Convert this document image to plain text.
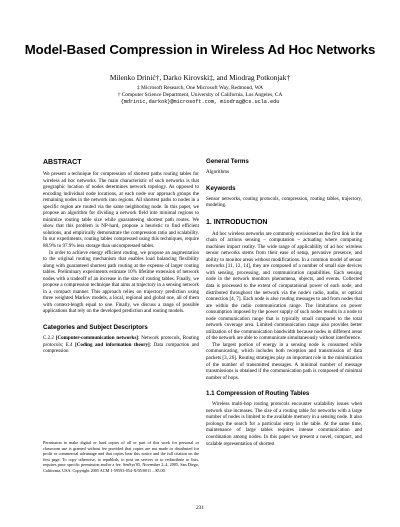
Model-Based Compression in Wireless Ad Hoc Networks
Milenko Drinić†, Darko Kirovski‡, and Miodrag Potkonjak†
‡ Microsoft Research, One Microsoft Way, Redmond, WA
† Computer Science Department, University of California, Los Angeles, CA
{mdrinic,darkok}@microsoft.com, miodrag@cs.ucla.edu
ABSTRACT

We present a technique for compression of shortest paths routing tables for wireless ad hoc networks. The main characteristic of such networks is that geographic location of nodes determines network topology. As opposed to encoding individual node locations, at each node our approach groups the remaining nodes in the network into regions. All shortest paths to nodes in a specific region are routed via the same neighboring node. In this paper, we propose an algorithm for dividing a network field into minimal regions to minimize routing table size while guaranteeing shortest path routes. We show that this problem is NP-hard, propose a heuristic to find efficient solutions, and empirically demonstrate the compression ratio and scalability. In our experiments, routing tables compressed using this techniques, require 88.9% to 97.9% less storage than uncompressed tables.

In order to achieve energy efficient routing, we propose an augmentation to the original routing mechanism that enables load balancing flexibility along with guaranteed shortest path routing at the expense of larger routing tables. Preliminary experiments estimate 10% lifetime extension of network nodes with a tradeoff of an increase in the size of routing tables. Finally, we propose a compression technique that aims at trajectory in a sensing network in a compact manner. This approach relies on trajectory prediction using three weighted Markov models, a local, regional and global one, all of them with context-length equal to one. Finally, we discuss a range of possible applications that rely on the developed prediction and routing models.

Categories and Subject Descriptors

C.2.2 [Computer-communication networks]: Network protocols, Routing protocols; E.4 [Coding and information theory]: Data compaction and compression

Permission to make digital or hard copies of all or part of this work for personal or classroom use is granted without fee provided that copies are not made or distributed for profit or commercial advantage and that copies bear this notice and the full citation on the first page. To copy otherwise, to republish, to post on servers or to redistribute to lists, requires prior specific permission and/or a fee. SenSys'05, November 2–4, 2005, San Diego, California, USA. Copyright 2005 ACM 1-59593-054-X/05/0011 ...$5.00.
General Terms

Algorithms

Keywords

Sensor networks, routing protocols, compression, routing tables, trajectory, modeling.

1. INTRODUCTION

Ad hoc wireless networks are commonly envisioned as the first link in the chain of actions sensing – computation – actuating where computing machines impact reality. The wide range of applicability of ad hoc wireless sensor networks stems from their ease of setup, pervasive presence, and ability to monitor areas without modifications. In a common model of sensor networks [11, 12, 14], they are composed of a number of small size devices with sensing, processing, and communication capabilities. Each sensing node in the network monitors phenomena, objects, and events. Collected data is processed to the extent of computational power of each node, and distributed throughout the network via the node's radio, audio, or optical connection [4, 7]. Each node is also routing messages to and from nodes that are within the radio communication range. The limitations on power consumption imposed by the power supply of such nodes results in a node to node communication range that is typically small compared to the total network coverage area. Limited communication range also provides better utilization of the communication bandwidth because nodes in different areas of the network are able to communicate simultaneously without interference.

The largest portion of energy in a sensing node is consumed while communicating, which includes both reception and transmission of data packets [3, 26]. Routing strategies play an important role in the minimization of the number of transmitted messages. A minimal number of message transmissions is obtained if the communication path is composed of minimal number of hops.

1.1 Compression of Routing Tables

Wireless multi-hop routing protocols encounter scalability issues when network size increases. The size of a routing table for networks with a large number of nodes is limited to the available memory in a sensing node. It also prolongs the search for a particular entry in the table. At the same time, maintenance of large tables requires intense communication and coordination among nodes. In this paper we present a novel, compact, and scalable representation of shortest

231
